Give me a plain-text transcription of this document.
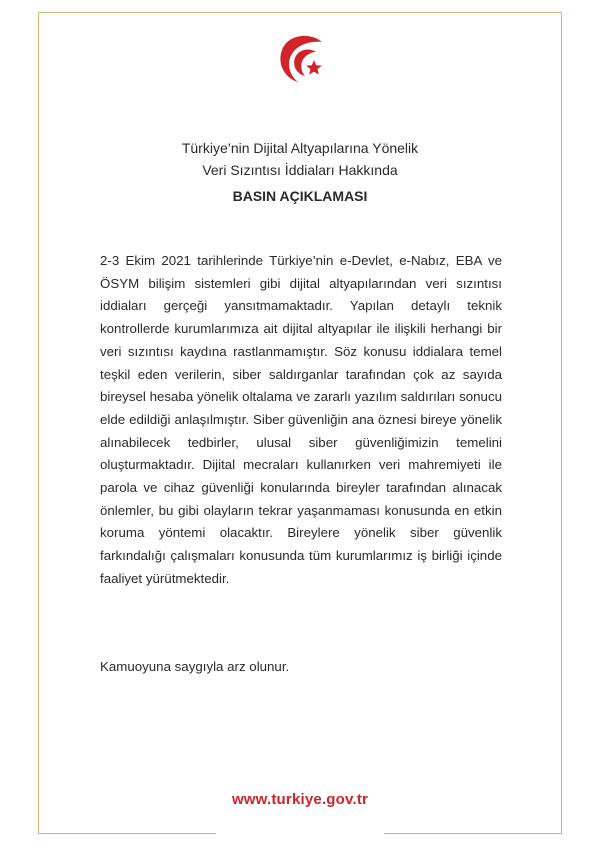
Türkiye’nin Dijital Altyapılarına Yönelik
Veri Sızıntısı İddiaları Hakkında
BASIN AÇIKLAMASI

2-3 Ekim 2021 tarihlerinde Türkiye’nin e-Devlet, e-Nabız, EBA ve ÖSYM bilişim sistemleri gibi dijital altyapılarından veri sızıntısı iddiaları gerçeği yansıtmamaktadır. Yapılan detaylı teknik kontrollerde kurumlarımıza ait dijital altyapılar ile ilişkili herhangi bir veri sızıntısı kaydına rastlanmamıştır. Söz konusu iddialara temel teşkil eden verilerin, siber saldırganlar tarafından çok az sayıda bireysel hesaba yönelik oltalama ve zararlı yazılım saldırıları sonucu elde edildiği anlaşılmıştır. Siber güvenliğin ana öznesi bireye yönelik alınabilecek tedbirler, ulusal siber güvenliğimizin temelini oluşturmaktadır. Dijital mecraları kullanırken veri mahremiyeti ile parola ve cihaz güvenliği konularında bireyler tarafından alınacak önlemler, bu gibi olayların tekrar yaşanmaması konusunda en etkin koruma yöntemi olacaktır. Bireylere yönelik siber güvenlik farkındalığı çalışmaları konusunda tüm kurumlarımız iş birliği içinde faaliyet yürütmektedir.

Kamuoyuna saygıyla arz olunur.

www.turkiye.gov.tr
